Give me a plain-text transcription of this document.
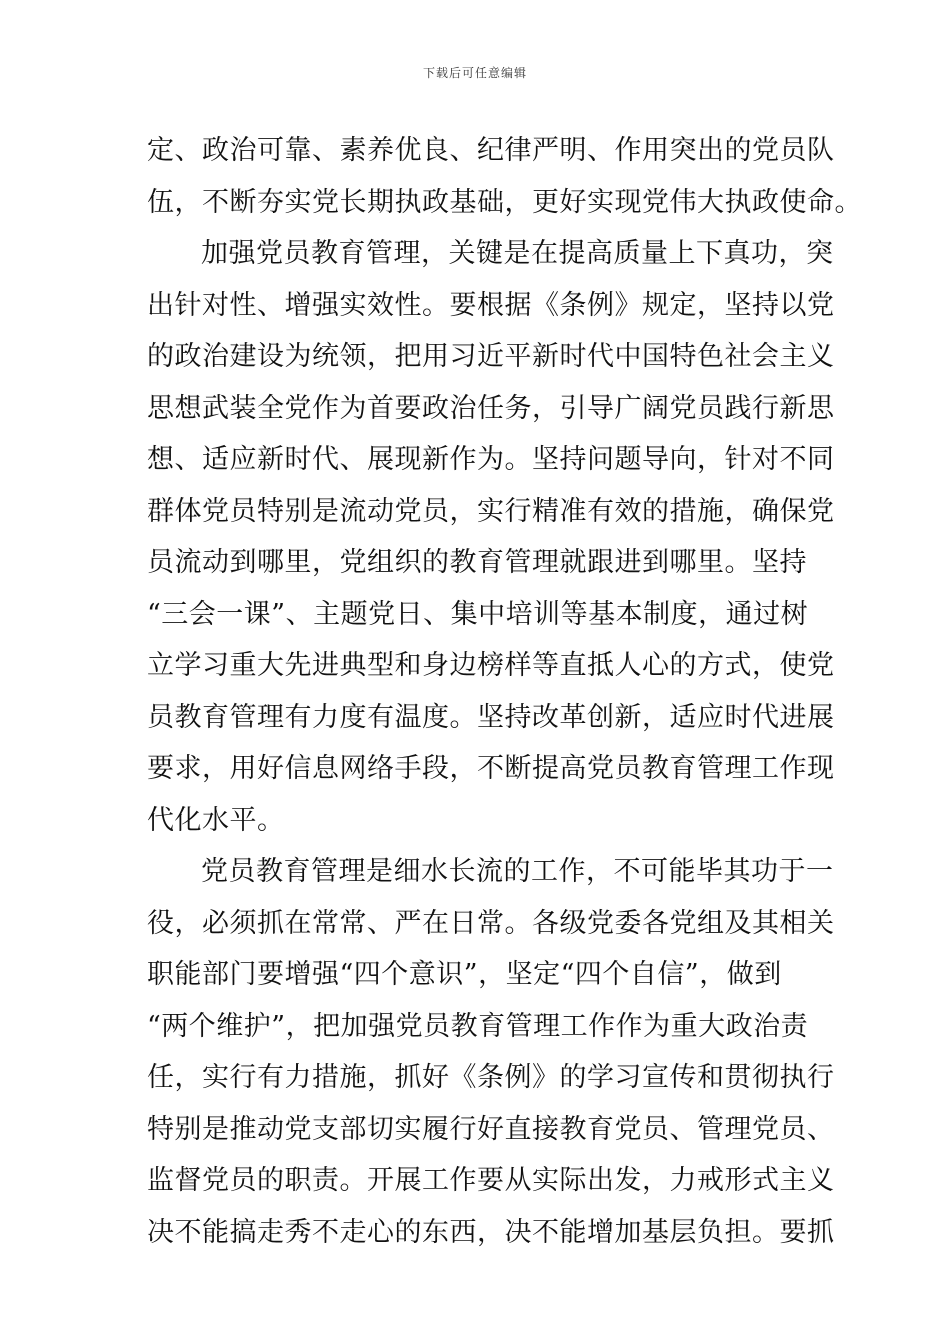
下载后可任意编辑
定、政治可靠、素养优良、纪律严明、作用突出的党员队
伍，不断夯实党长期执政基础，更好实现党伟大执政使命。
加强党员教育管理，关键是在提高质量上下真功，突
出针对性、增强实效性。要根据《条例》规定，坚持以党
的政治建设为统领，把用习近平新时代中国特色社会主义
思想武装全党作为首要政治任务，引导广阔党员践行新思
想、适应新时代、展现新作为。坚持问题导向，针对不同
群体党员特别是流动党员，实行精准有效的措施，确保党
员流动到哪里，党组织的教育管理就跟进到哪里。坚持
“三会一课”、主题党日、集中培训等基本制度，通过树
立学习重大先进典型和身边榜样等直抵人心的方式，使党
员教育管理有力度有温度。坚持改革创新，适应时代进展
要求，用好信息网络手段，不断提高党员教育管理工作现
代化水平。
党员教育管理是细水长流的工作，不可能毕其功于一
役，必须抓在常常、严在日常。各级党委各党组及其相关
职能部门要增强“四个意识”，坚定“四个自信”，做到
“两个维护”，把加强党员教育管理工作作为重大政治责
任，实行有力措施，抓好《条例》的学习宣传和贯彻执行
特别是推动党支部切实履行好直接教育党员、管理党员、
监督党员的职责。开展工作要从实际出发，力戒形式主义
决不能搞走秀不走心的东西，决不能增加基层负担。要抓
